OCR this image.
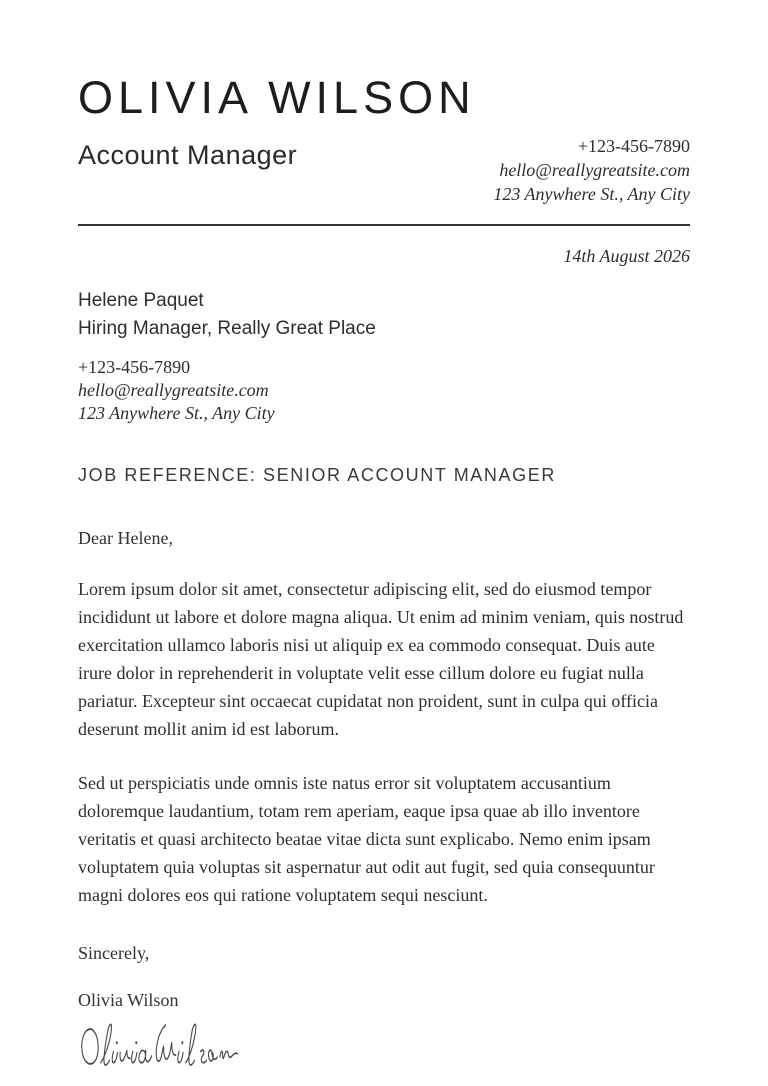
OLIVIA WILSON
Account Manager	+123-456-7890
hello@reallygreatsite.com
123 Anywhere St., Any City
14th August 2026
Helene Paquet
Hiring Manager, Really Great Place
+123-456-7890
hello@reallygreatsite.com
123 Anywhere St., Any City
JOB REFERENCE: SENIOR ACCOUNT MANAGER
Dear Helene,

Lorem ipsum dolor sit amet, consectetur adipiscing elit, sed do eiusmod tempor incididunt ut labore et dolore magna aliqua. Ut enim ad minim veniam, quis nostrud exercitation ullamco laboris nisi ut aliquip ex ea commodo consequat. Duis aute irure dolor in reprehenderit in voluptate velit esse cillum dolore eu fugiat nulla pariatur. Excepteur sint occaecat cupidatat non proident, sunt in culpa qui officia deserunt mollit anim id est laborum.

Sed ut perspiciatis unde omnis iste natus error sit voluptatem accusantium doloremque laudantium, totam rem aperiam, eaque ipsa quae ab illo inventore veritatis et quasi architecto beatae vitae dicta sunt explicabo. Nemo enim ipsam voluptatem quia voluptas sit aspernatur aut odit aut fugit, sed quia consequuntur magni dolores eos qui ratione voluptatem sequi nesciunt.

Sincerely,
Olivia Wilson
